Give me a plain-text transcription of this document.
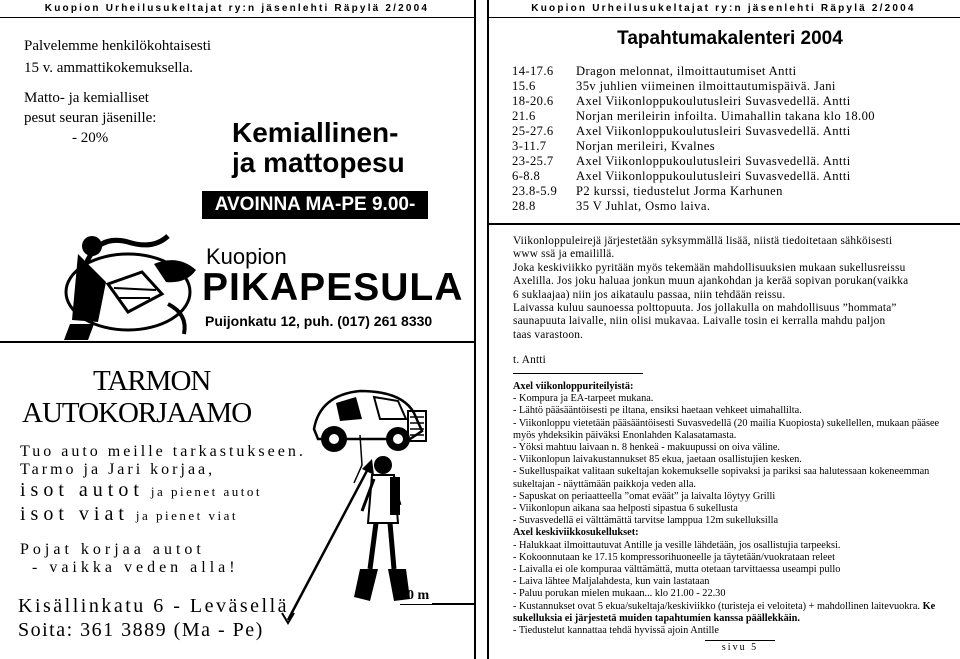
Kuopion Urheilusukeltajat ry:n jäsenlehti Räpylä 2/2004	Kuopion Urheilusukeltajat ry:n jäsenlehti Räpylä 2/2004
Palvelemme henkilökohtaisesti
15 v. ammattikokemuksella.
Matto- ja kemialliset
pesut seuran jäsenille:
- 20%	Kemiallinen-
ja mattopesu
AVOINNA MA-PE 9.00-17.30
Kuopion
PIKAPESULA
Puijonkatu 12, puh. (017) 261 8330
TARMON
AUTOKORJAAMO
Tuo auto meille tarkastukseen.
Tarmo ja Jari korjaa,
isot autot ja pienet autot
isot viat ja pienet viat
Pojat korjaa autot
- vaikka veden alla!
Kisällinkatu 6 - Leväsellä
Soita: 361 3889 (Ma - Pe)
30 m
Tapahtumakalenteri 2004
14-17.6 Dragon melonnat, ilmoittautumiset Antti
15.6	35v juhlien viimeinen ilmoittautumispäivä. Jani
18-20.6 Axel Viikonloppukoulutusleiri Suvasvedellä. Antti
21.6	Norjan merileirin infoilta. Uimahallin takana klo 18.00
25-27.6 Axel Viikonloppukoulutusleiri Suvasvedellä. Antti
3-11.7 Norjan merileiri, Kvalnes
23-25.7 Axel Viikonloppukoulutusleiri Suvasvedellä. Antti
6-8.8	Axel Viikonloppukoulutusleiri Suvasvedellä. Antti
23.8-5.9 P2 kurssi, tiedustelut Jorma Karhunen
28.8	35 V Juhlat, Osmo laiva.
Viikonloppuleirejä järjestetään syksymmällä lisää, niistä tiedoitetaan sähköisesti
www ssä ja emailillä.
Joka keskiviikko pyritään myös tekemään mahdollisuuksien mukaan sukellusreissu
Axelilla. Jos joku haluaa jonkun muun ajankohdan ja kerää sopivan porukan(vaikka
6 suklaajaa) niin jos aikataulu passaa, niin tehdään reissu.
Laivassa kuluu saunoessa polttopuuta. Jos jollakulla on mahdollisuus ”hommata”
saunapuuta laivalle, niin olisi mukavaa. Laivalle tosin ei kerralla mahdu paljon
taas varastoon.
t. Antti
Axel viikonloppuriteilyistä:
- Kompura ja EA-tarpeet mukana.
- Lähtö pääsääntöisesti pe iltana, ensiksi haetaan vehkeet uimahallilta.
- Viikonloppu vietetään pääsääntöisesti Suvasvedellä (20 mailia Kuopiosta) sukellellen, mukaan pääsee myös yhdeksikin päiväksi Enonlahden Kalasatamasta.
- Yöksi mahtuu laivaan n. 8 henkeä - makuupussi on oiva väline.
- Viikonlopun laivakustannukset 85 ekua, jaetaan osallistujien kesken.
- Sukelluspaikat valitaan sukeltajan kokemukselle sopivaksi ja pariksi saa halutessaan kokeneemman sukeltajan - näyttämään paikkoja veden alla.
- Sapuskat on periaatteella ”omat eväät” ja laivalta löytyy Grilli
- Viikonlopun aikana saa helposti sipastua 6 sukellusta
- Suvasvedellä ei välttämättä tarvitse lamppua 12m sukelluksilla
Axel keskiviikkosukellukset:
- Halukkaat ilmoittautuvat Antille ja vesille lähdetään, jos osallistujia tarpeeksi.
- Kokoonnutaan ke 17.15 kompressorihuoneelle ja täytetään/vuokrataan releet
- Laivalla ei ole kompuraa välttämättä, mutta otetaan tarvittaessa useampi pullo
- Laiva lähtee Maljalahdesta, kun vain lastataan
- Paluu porukan mielen mukaan... klo 21.00 - 22.30
- Kustannukset ovat 5 ekua/sukeltaja/keskiviikko (turisteja ei veloiteta) + mahdollinen laitevuokra. Ke sukelluksia ei järjestetä muiden tapahtumien kanssa päällekkäin.
- Tiedustelut kannattaa tehdä hyvissä ajoin Antille
sivu 5
